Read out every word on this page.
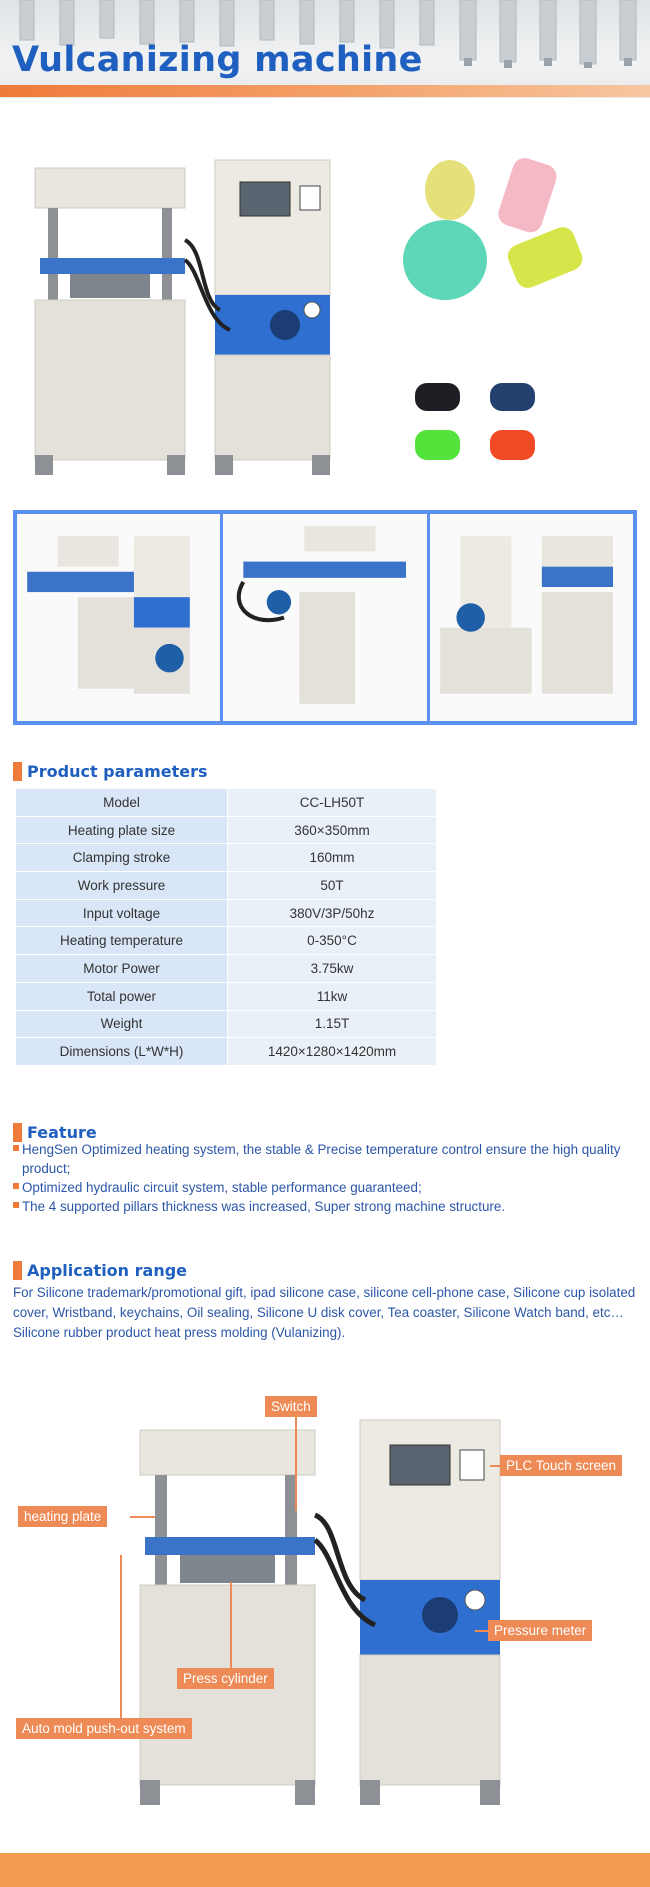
Vulcanizing machine
Product parameters
Model	CC-LH50T
Heating plate size	360×350mm
Clamping stroke	160mm
Work pressure	50T
Input voltage	380V/3P/50hz
Heating temperature	0-350°C
Motor Power	3.75kw
Total power	11kw
Weight	1.15T
Dimensions (L*W*H)	1420×1280×1420mm
Feature
HengSen Optimized heating system, the stable & Precise temperature control ensure the high quality product;
Optimized hydraulic circuit system, stable performance guaranteed;
The 4 supported pillars thickness was increased, Super strong machine structure.
Application range
For Silicone trademark/promotional gift, ipad silicone case, silicone cell-phone case, Silicone cup isolated cover, Wristband, keychains, Oil sealing, Silicone U disk cover, Tea coaster, Silicone Watch band, etc…Silicone rubber product heat press molding (Vulanizing).
Switch
PLC Touch screen
heating plate
Pressure meter
Press cylinder
Auto mold push-out system
